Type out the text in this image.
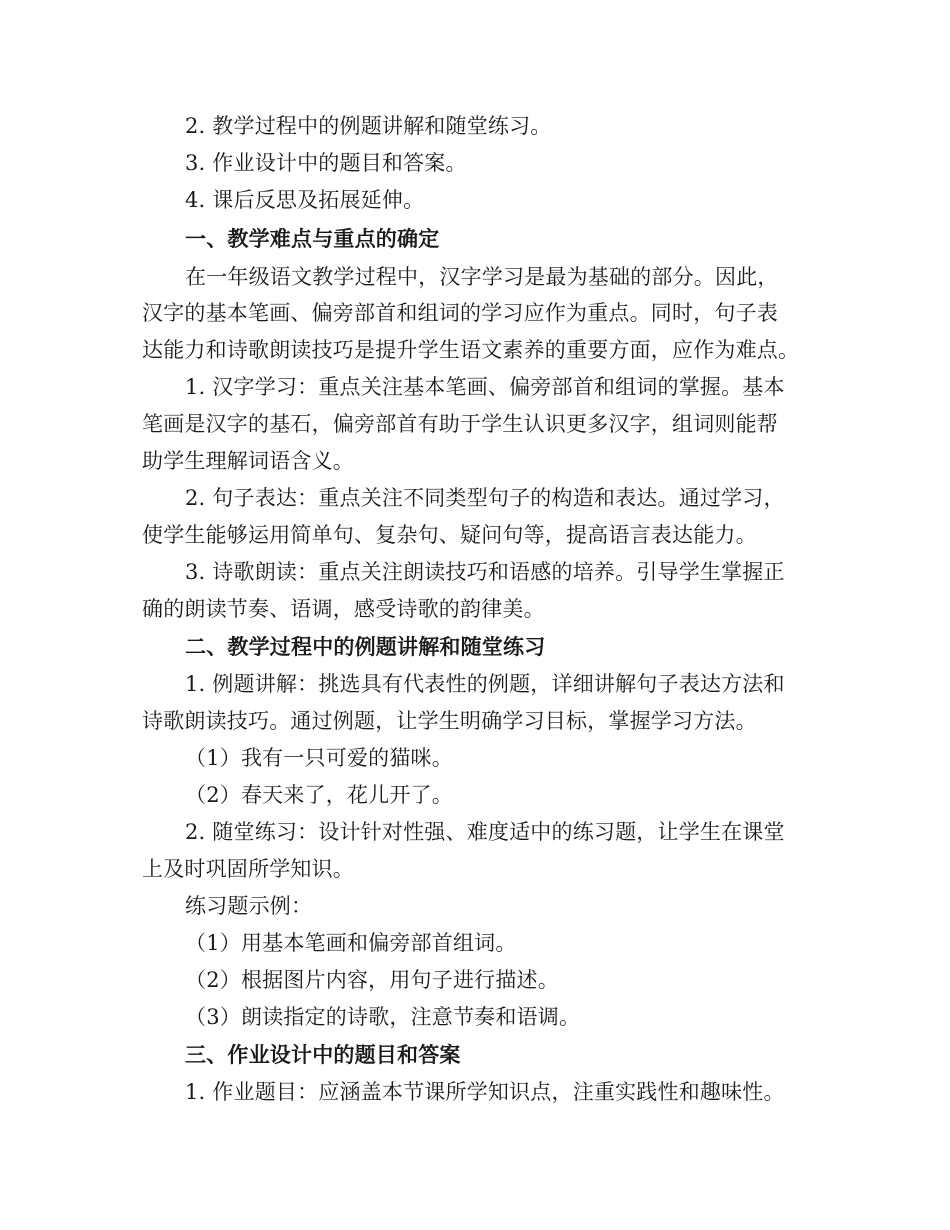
2. 教学过程中的例题讲解和随堂练习。
3. 作业设计中的题目和答案。
4. 课后反思及拓展延伸。
一、教学难点与重点的确定
在一年级语文教学过程中，汉字学习是最为基础的部分。因此，
汉字的基本笔画、偏旁部首和组词的学习应作为重点。同时，句子表
达能力和诗歌朗读技巧是提升学生语文素养的重要方面，应作为难点。
1. 汉字学习：重点关注基本笔画、偏旁部首和组词的掌握。基本
笔画是汉字的基石，偏旁部首有助于学生认识更多汉字，组词则能帮
助学生理解词语含义。
2. 句子表达：重点关注不同类型句子的构造和表达。通过学习，
使学生能够运用简单句、复杂句、疑问句等，提高语言表达能力。
3. 诗歌朗读：重点关注朗读技巧和语感的培养。引导学生掌握正
确的朗读节奏、语调，感受诗歌的韵律美。
二、教学过程中的例题讲解和随堂练习
1. 例题讲解：挑选具有代表性的例题，详细讲解句子表达方法和
诗歌朗读技巧。通过例题，让学生明确学习目标，掌握学习方法。
（1）我有一只可爱的猫咪。
（2）春天来了，花儿开了。
2. 随堂练习：设计针对性强、难度适中的练习题，让学生在课堂
上及时巩固所学知识。
练习题示例：
（1）用基本笔画和偏旁部首组词。
（2）根据图片内容，用句子进行描述。
（3）朗读指定的诗歌，注意节奏和语调。
三、作业设计中的题目和答案
1. 作业题目：应涵盖本节课所学知识点，注重实践性和趣味性。
